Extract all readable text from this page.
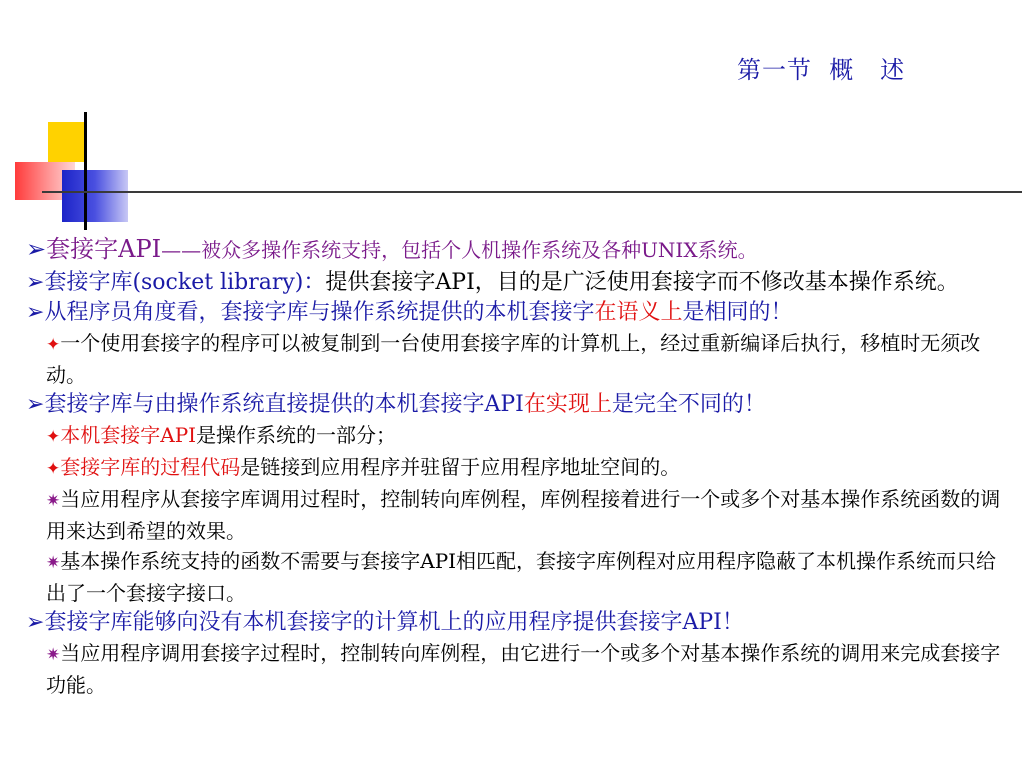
第一节  概   述
➢套接字API——被众多操作系统支持，包括个人机操作系统及各种UNIX系统。
➢套接字库(socket library)：提供套接字API，目的是广泛使用套接字而不修改基本操作系统。
➢从程序员角度看，套接字库与操作系统提供的本机套接字在语义上是相同的！
✦一个使用套接字的程序可以被复制到一台使用套接字库的计算机上，经过重新编译后执行，移植时无须改动。
➢套接字库与由操作系统直接提供的本机套接字API在实现上是完全不同的！
✦本机套接字API是操作系统的一部分；
✦套接字库的过程代码是链接到应用程序并驻留于应用程序地址空间的。
✷当应用程序从套接字库调用过程时，控制转向库例程，库例程接着进行一个或多个对基本操作系统函数的调用来达到希望的效果。
✷基本操作系统支持的函数不需要与套接字API相匹配，套接字库例程对应用程序隐蔽了本机操作系统而只给出了一个套接字接口。
➢套接字库能够向没有本机套接字的计算机上的应用程序提供套接字API！
✷当应用程序调用套接字过程时，控制转向库例程，由它进行一个或多个对基本操作系统的调用来完成套接字功能。
